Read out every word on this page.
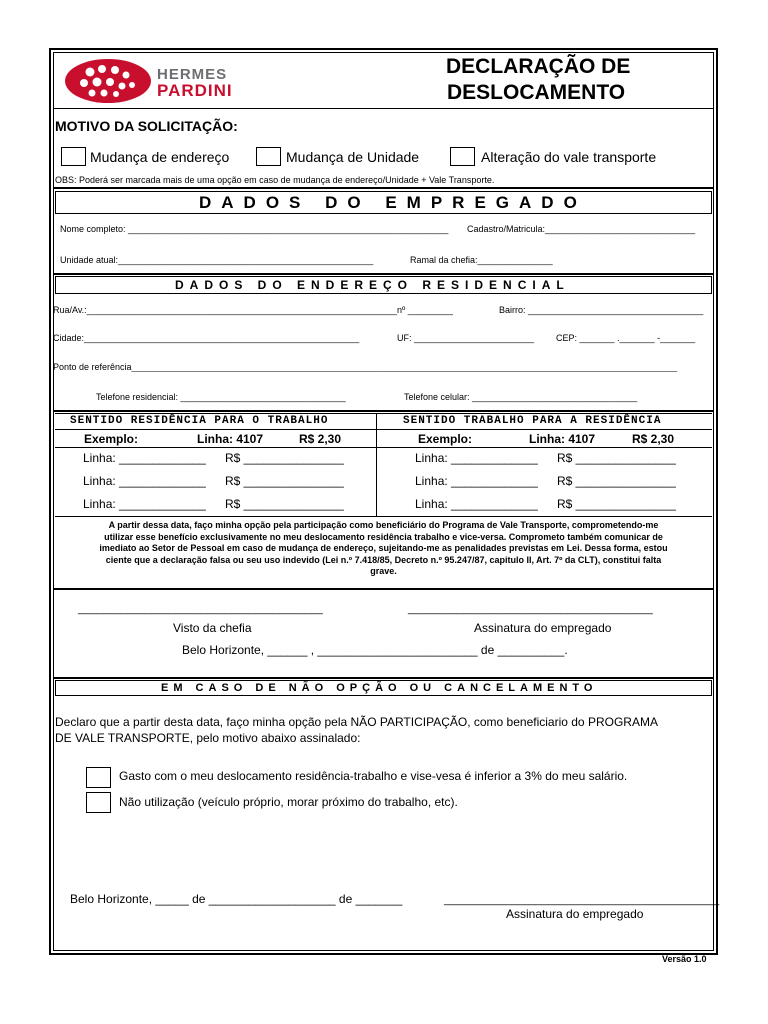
HERMES
PARDINI
DECLARAÇÃO DE
DESLOCAMENTO
MOTIVO DA SOLICITAÇÃO:
Mudança de endereço	Mudança de Unidade	Alteração do vale transporte
OBS: Poderá ser marcada mais de uma opção em caso de mudança de endereço/Unidade + Vale Transporte.
DADOS DO EMPREGADO
Nome completo: ________________________________________________________________ Cadastro/Matricula:______________________________
Unidade atual:___________________________________________________	Ramal da chefia:_______________
DADOS DO ENDEREÇO RESIDENCIAL
Rua/Av.:______________________________________________________________nº _________	Bairro: ___________________________________
Cidade:_______________________________________________________	UF: ________________________ CEP: _______ ._______ -_______
Ponto de referência_____________________________________________________________________________________________________________
Telefone residencial: _________________________________	Telefone celular: _________________________________
SENTIDO RESIDÊNCIA PARA O TRABALHO	SENTIDO TRABALHO PARA A RESIDÊNCIA
Exemplo:	Linha: 4107	R$ 2,30	Exemplo:	Linha: 4107	R$ 2,30
Linha: _____________ R$ _______________	Linha: _____________ R$ _______________
Linha: _____________ R$ _______________	Linha: _____________ R$ _______________
Linha: _____________ R$ _______________	Linha: _____________ R$ _______________
A partir dessa data, faço minha opção pela participação como beneficiário do Programa de Vale Transporte, comprometendo-me
utilizar esse benefício exclusivamente no meu deslocamento residência trabalho e vice-versa. Comprometo também comunicar de
imediato ao Setor de Pessoal em caso de mudança de endereço, sujeitando-me as penalidades previstas em Lei. Dessa forma, estou
ciente que a declaração falsa ou seu uso indevido (Lei n.º 7.418/85, Decreto n.º 95.247/87, capitulo II, Art. 7º da CLT), constitui falta
grave.
________________________________________	________________________________________
Visto da chefia	Assinatura do empregado
Belo Horizonte, ______ , ________________________ de __________.
EM CASO DE NÃO OPÇÃO OU CANCELAMENTO
Declaro que a partir desta data, faço minha opção pela NÃO PARTICIPAÇÃO, como beneficiario do PROGRAMA
DE VALE TRANSPORTE, pelo motivo abaixo assinalado:
Gasto com o meu deslocamento residência-trabalho e vise-vesa é inferior a 3% do meu salário.
Não utilização (veículo próprio, morar próximo do trabalho, etc).
Belo Horizonte, _____ de ___________________ de _______	_____________________________________________
Assinatura do empregado
Versão 1.0
